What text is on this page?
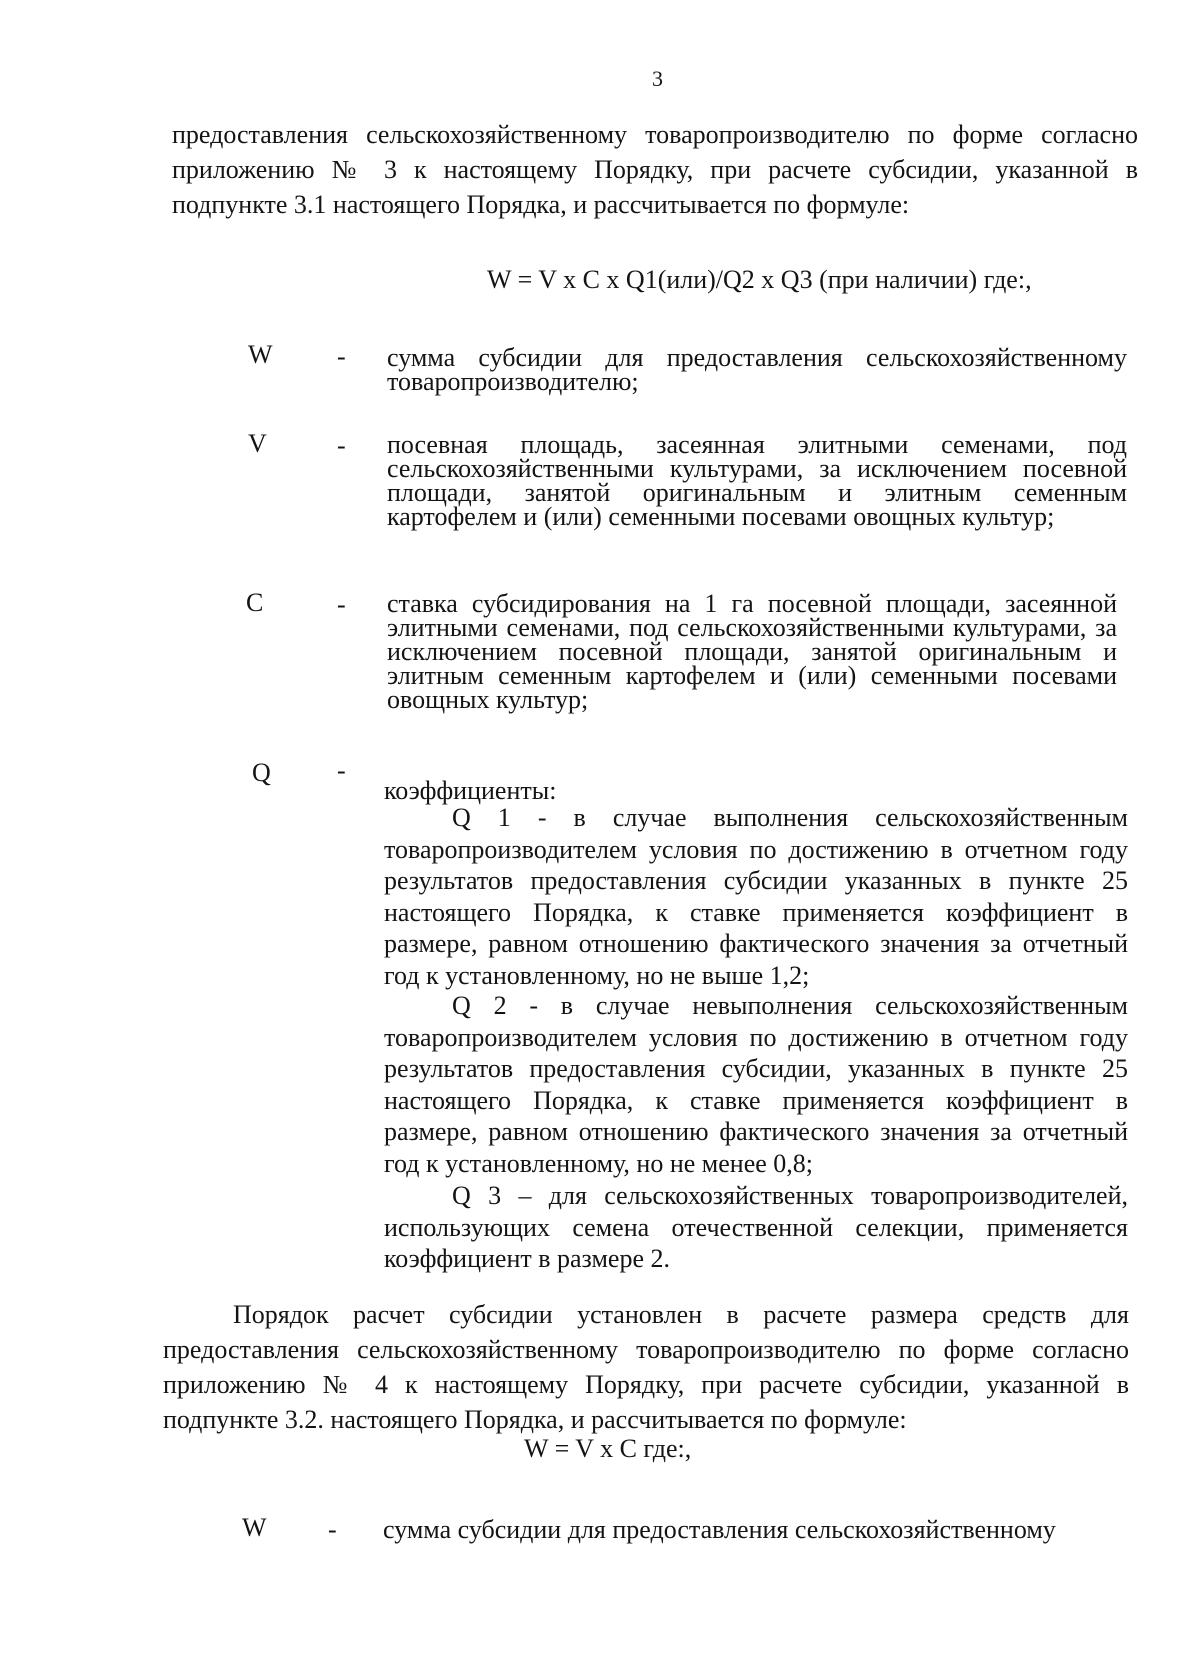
3

предоставления сельскохозяйственному товаропроизводителю по форме согласно приложению № 3 к настоящему Порядку, при расчете субсидии, указанной в подпункте 3.1 настоящего Порядка, и рассчитывается по формуле:

W = V x C x Q1(или)/Q2 x Q3 (при наличии) где:,
W - сумма субсидии для предоставления сельскохозяйственному товаропроизводителю;

V	- посевная площадь, засеянная элитными семенами, под сельскохозяйственными культурами, за исключением посевной площади, занятой оригинальным и элитным семенным картофелем и (или) семенными посевами овощных культур;

C	- ставка субсидирования на 1 га посевной площади, засеянной элитными семенами, под сельскохозяйственными культурами, за исключением посевной площади, занятой оригинальным и элитным семенным картофелем и (или) семенными посевами овощных культур;

Q	-
коэффициенты:

Q 1 - в случае выполнения сельскохозяйственным товаропроизводителем условия по достижению в отчетном году результатов предоставления субсидии указанных в пункте 25 настоящего Порядка, к ставке применяется коэффициент в размере, равном отношению фактического значения за отчетный год к установленному, но не выше 1,2;

Q 2 - в случае невыполнения сельскохозяйственным товаропроизводителем условия по достижению в отчетном году результатов предоставления субсидии, указанных в пункте 25 настоящего Порядка, к ставке применяется коэффициент в размере, равном отношению фактического значения за отчетный год к установленному, но не менее 0,8;

Q 3 – для сельскохозяйственных товаропроизводителей, использующих семена отечественной селекции, применяется коэффициент в размере 2.

Порядок расчет субсидии установлен в расчете размера средств для предоставления сельскохозяйственному товаропроизводителю по форме согласно приложению № 4 к настоящему Порядку, при расчете субсидии, указанной в подпункте 3.2. настоящего Порядка, и рассчитывается по формуле:

W = V x C где:,
W - сумма субсидии для предоставления сельскохозяйственному
